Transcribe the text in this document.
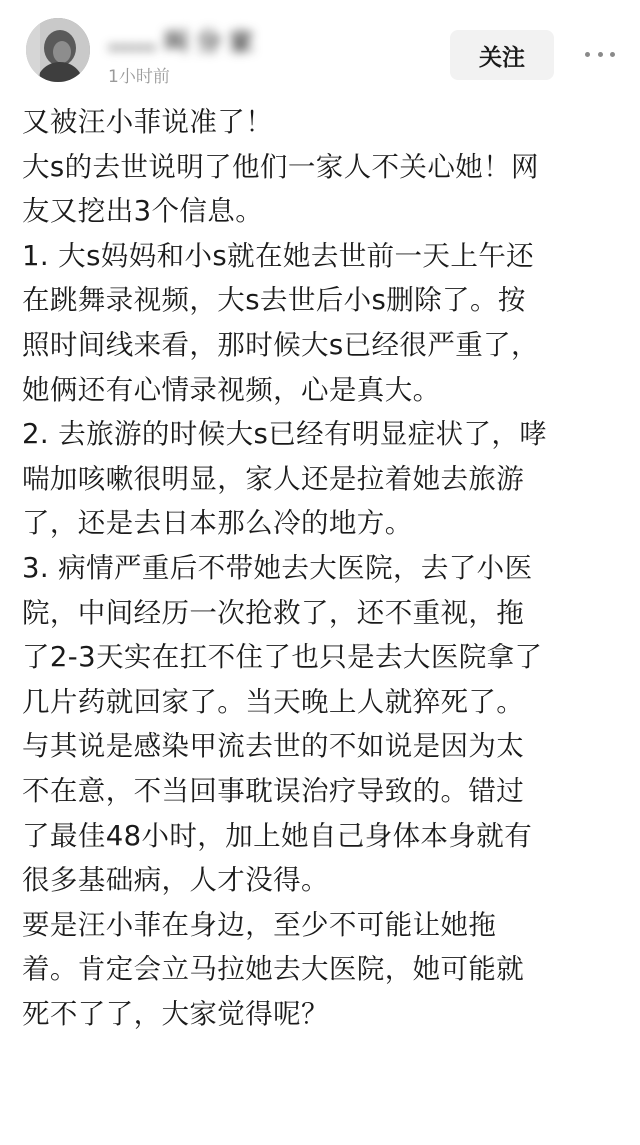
…… 叫 分 家
1小时前
关注
又被汪小菲说准了！
大s的去世说明了他们一家人不关心她！网
友又挖出3个信息。
1. 大s妈妈和小s就在她去世前一天上午还
在跳舞录视频，大s去世后小s删除了。按
照时间线来看，那时候大s已经很严重了，
她俩还有心情录视频，心是真大。
2. 去旅游的时候大s已经有明显症状了，哮
喘加咳嗽很明显，家人还是拉着她去旅游
了，还是去日本那么冷的地方。
3. 病情严重后不带她去大医院，去了小医
院，中间经历一次抢救了，还不重视，拖
了2-3天实在扛不住了也只是去大医院拿了
几片药就回家了。当天晚上人就猝死了。
与其说是感染甲流去世的不如说是因为太
不在意，不当回事耽误治疗导致的。错过
了最佳48小时，加上她自己身体本身就有
很多基础病，人才没得。
要是汪小菲在身边，至少不可能让她拖
着。肯定会立马拉她去大医院，她可能就
死不了了，大家觉得呢？
